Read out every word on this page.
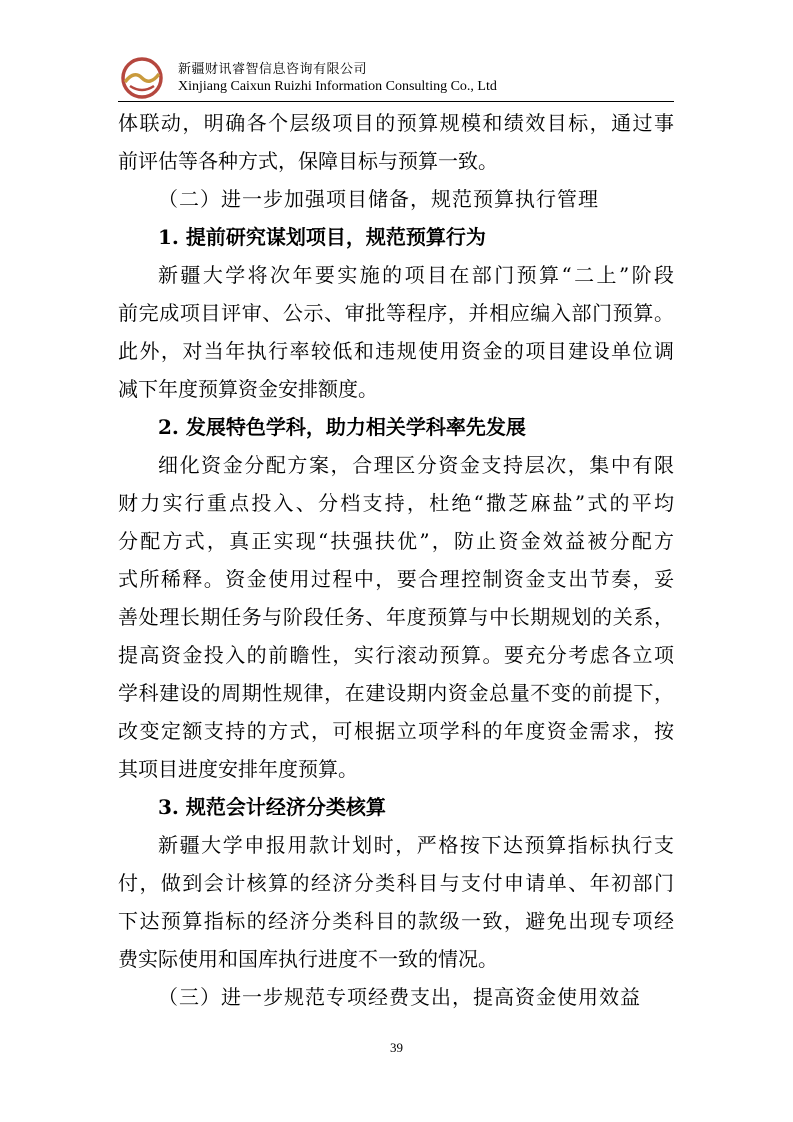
新疆财讯睿智信息咨询有限公司
Xinjiang Caixun Ruizhi Information Consulting Co., Ltd
体联动，明确各个层级项目的预算规模和绩效目标，通过事
前评估等各种方式，保障目标与预算一致。
（二）进一步加强项目储备，规范预算执行管理
1. 提前研究谋划项目，规范预算行为
新疆大学将次年要实施的项目在部门预算“二上”阶段
前完成项目评审、公示、审批等程序，并相应编入部门预算。
此外，对当年执行率较低和违规使用资金的项目建设单位调
减下年度预算资金安排额度。
2. 发展特色学科，助力相关学科率先发展
细化资金分配方案，合理区分资金支持层次，集中有限
财力实行重点投入、分档支持，杜绝“撒芝麻盐”式的平均
分配方式，真正实现“扶强扶优”，防止资金效益被分配方
式所稀释。资金使用过程中，要合理控制资金支出节奏，妥
善处理长期任务与阶段任务、年度预算与中长期规划的关系，
提高资金投入的前瞻性，实行滚动预算。要充分考虑各立项
学科建设的周期性规律，在建设期内资金总量不变的前提下，
改变定额支持的方式，可根据立项学科的年度资金需求，按
其项目进度安排年度预算。
3. 规范会计经济分类核算
新疆大学申报用款计划时，严格按下达预算指标执行支
付，做到会计核算的经济分类科目与支付申请单、年初部门
下达预算指标的经济分类科目的款级一致，避免出现专项经
费实际使用和国库执行进度不一致的情况。
（三）进一步规范专项经费支出，提高资金使用效益
39
